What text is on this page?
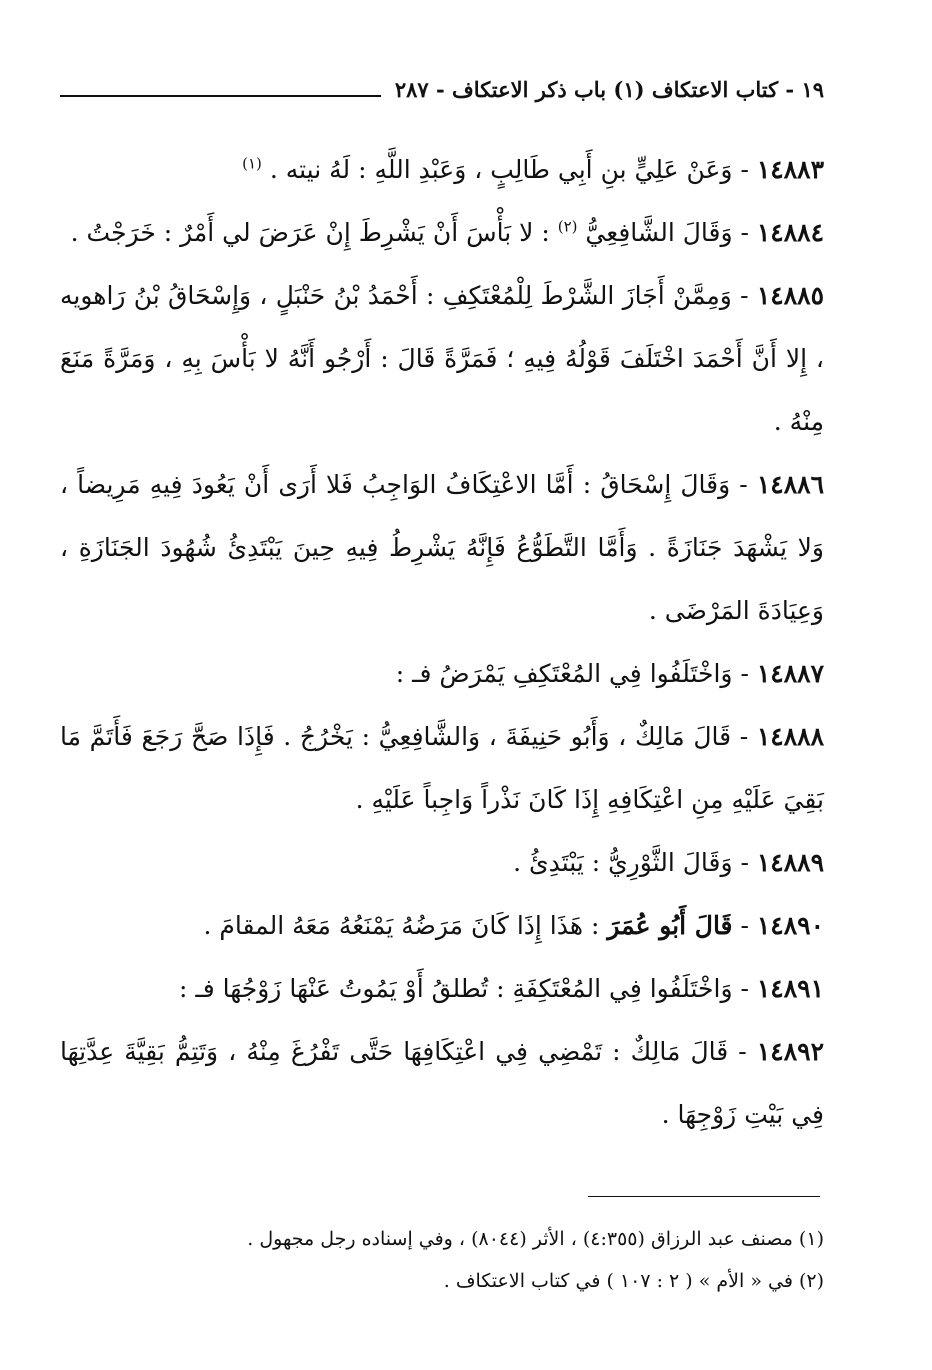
١٩ - كتاب الاعتكاف (١) باب ذكر الاعتكاف - ٢٨٧

١٤٨٨٣ - وَعَنْ عَلِيٍّ بنِ أَبِي طَالِبٍ ، وَعَبْدِ اللَّهِ : لَهُ نيته . $^{(١)}$

١٤٨٨٤ - وَقَالَ الشَّافِعِيُّ $^{(٢)}$ : لا بَأْسَ أَنْ يَشْرِطَ إِنْ عَرَضَ لي أَمْرٌ : خَرَجْتُ .

١٤٨٨٥ - وَمِمَّنْ أَجَازَ الشَّرْطَ لِلْمُعْتَكِفِ : أَحْمَدُ بْنُ حَنْبَلٍ ، وَإِسْحَاقُ بْنُ رَاهويه ، إِلا أَنَّ أَحْمَدَ اخْتَلَفَ قَوْلُهُ فِيهِ ؛ فَمَرَّةً قَالَ : أَرْجُو أَنَّهُ لا بَأْسَ بِهِ ، وَمَرَّةً مَنَعَ مِنْهُ .

١٤٨٨٦ - وَقَالَ إِسْحَاقُ : أَمَّا الاعْتِكَافُ الوَاجِبُ فَلا أَرَى أَنْ يَعُودَ فِيهِ مَرِيضاً ، وَلا يَشْهَدَ جَنَازَةً . وَأَمَّا التَّطَوُّعُ فَإِنَّهُ يَشْرِطُ فِيهِ حِينَ يَبْتَدِئُ شُهُودَ الجَنَازَةِ ، وَعِيَادَةَ المَرْضَى .

١٤٨٨٧ - وَاخْتَلَفُوا فِي المُعْتَكِفِ يَمْرَضُ فـ :

١٤٨٨٨ - قَالَ مَالِكٌ ، وَأَبُو حَنِيفَةَ ، وَالشَّافِعِيُّ : يَخْرُجُ . فَإِذَا صَحَّ رَجَعَ فَأَتَمَّ مَا بَقِيَ عَلَيْهِ مِنِ اعْتِكَافِهِ إِذَا كَانَ نَذْراً وَاجِباً عَلَيْهِ .

١٤٨٨٩ - وَقَالَ الثَّوْرِيُّ : يَبْتَدِئُ .

١٤٨٩٠ - قَالَ أَبُو عُمَرَ : هَذَا إِذَا كَانَ مَرَضُهُ يَمْنَعُهُ مَعَهُ المقامَ .

١٤٨٩١ - وَاخْتَلَفُوا فِي المُعْتَكِفَةِ : تُطلقُ أَوْ يَمُوتُ عَنْهَا زَوْجُهَا فـ :

١٤٨٩٢ - قَالَ مَالِكٌ : تَمْضِي فِي اعْتِكَافِهَا حَتَّى تَفْرُغَ مِنْهُ ، وَتَتِمُّ بَقِيَّةَ عِدَّتِهَا فِي بَيْتِ زَوْجِهَا .

(١) مصنف عبد الرزاق (٤:٣٥٥) ، الأثر (٨٠٤٤) ، وفي إسناده رجل مجهول .

(٢) في « الأم » ( ٢ : ١٠٧ ) في كتاب الاعتكاف .
